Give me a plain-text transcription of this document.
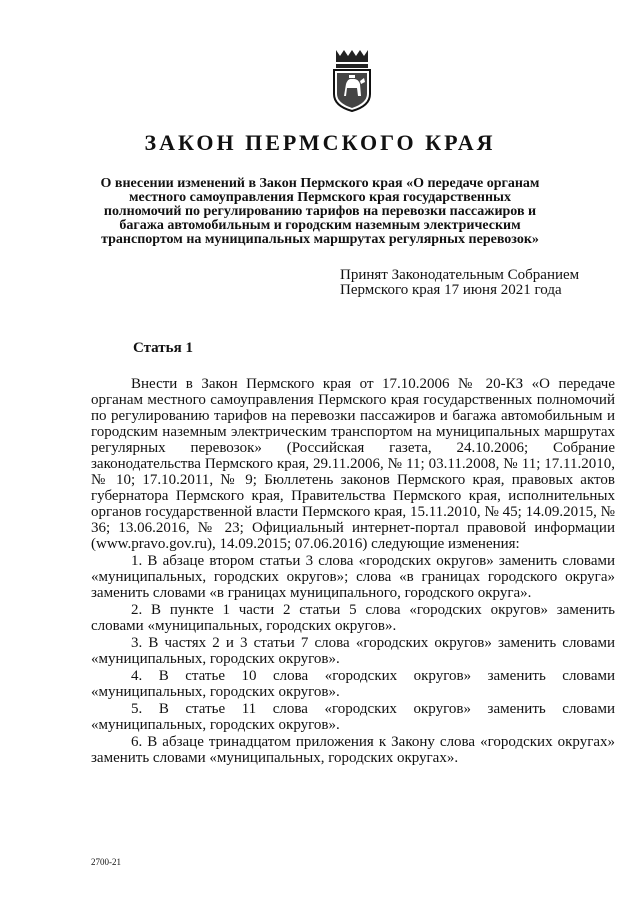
ЗАКОН ПЕРМСКОГО КРАЯ
О внесении изменений в Закон Пермского края «О передаче органам местного самоуправления Пермского края государственных полномочий по регулированию тарифов на перевозки пассажиров и багажа автомобильным и городским наземным электрическим транспортом на муниципальных маршрутах регулярных перевозок»
Принят Законодательным Собранием
Пермского края 17 июня 2021 года
Статья 1

Внести в Закон Пермского края от 17.10.2006 № 20-КЗ «О передаче органам местного самоуправления Пермского края государственных полномочий по регулированию тарифов на перевозки пассажиров и багажа автомобильным и городским наземным электрическим транспортом на муниципальных маршрутах регулярных перевозок» (Российская газета, 24.10.2006; Собрание законодательства Пермского края, 29.11.2006, № 11; 03.11.2008, № 11; 17.11.2010, № 10; 17.10.2011, № 9; Бюллетень законов Пермского края, правовых актов губернатора Пермского края, Правительства Пермского края, исполнительных органов государственной власти Пермского края, 15.11.2010, № 45; 14.09.2015, № 36; 13.06.2016, № 23; Официальный интернет-портал правовой информации (www.pravo.gov.ru), 14.09.2015; 07.06.2016) следующие изменения:

1. В абзаце втором статьи 3 слова «городских округов» заменить словами «муниципальных, городских округов»; слова «в границах городского округа» заменить словами «в границах муниципального, городского округа».

2. В пункте 1 части 2 статьи 5 слова «городских округов» заменить словами «муниципальных, городских округов».

3. В частях 2 и 3 статьи 7 слова «городских округов» заменить словами «муниципальных, городских округов».

4. В статье 10 слова «городских округов» заменить словами «муниципальных, городских округов».

5. В статье 11 слова «городских округов» заменить словами «муниципальных, городских округов».

6. В абзаце тринадцатом приложения к Закону слова «городских округах» заменить словами «муниципальных, городских округах».

2700-21
